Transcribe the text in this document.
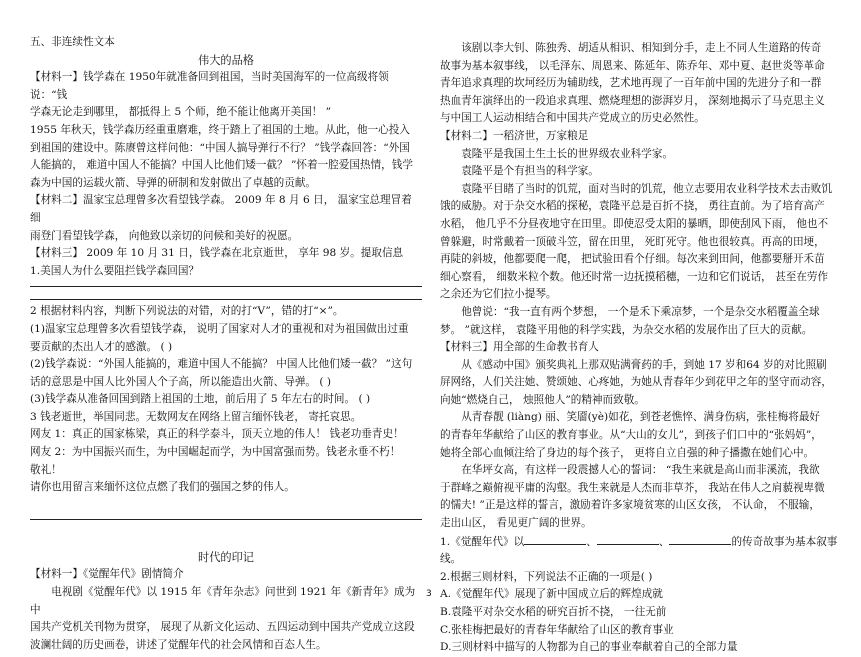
五、非连续性文本

伟大的品格

【材料一】钱学森在 1950年就准备回到祖国，当时美国海军的一位高级将领说：“钱

学森无论走到哪里， 都抵得上 5 个师，绝不能让他离开美国！ ”

1955 年秋天，钱学森历经重重磨难，终于踏上了祖国的土地。从此，他一心投入

到祖国的建设中。陈赓曾这样问他：“中国人搞导弹行不行？ ”钱学森回答：“外国

人能搞的， 难道中国人不能搞？中国人比他们矮一截？ ”怀着一腔爱国热情，钱学

森为中国的运载火箭、导弹的研制和发射做出了卓越的贡献。

【材料二】温家宝总理曾多次看望钱学森。 2009 年 8 月 6 日， 温家宝总理冒着细

雨登门看望钱学森， 向他致以亲切的问候和美好的祝愿。

【材料三】 2009 年 10 月 31 日，钱学森在北京逝世， 享年 98 岁。提取信息

1.美国人为什么要阻拦钱学森回国？

2 根据材料内容，判断下列说法的对错，对的打“V”，错的打“×”。

(1)温家宝总理曾多次看望钱学森， 说明了国家对人才的重视和对为祖国做出过重

要贡献的杰出人才的感激。 ( )

(2)钱学森说：“外国人能搞的，难道中国人不能搞？ 中国人比他们矮一截？ ”这句

话的意思是中国人比外国人个子高，所以能造出火箭、导弹。 ( )

(3)钱学森从准备回国到踏上祖国的土地，前后用了 5 年左右的时间。 ( )

3 钱老逝世，举国同悲。无数网友在网络上留言缅怀钱老， 寄托哀思。

网友 1：真正的国家栋梁，真正的科学泰斗，顶天立地的伟人！ 钱老功垂青史！

网友 2：为中国振兴而生，为中国崛起而学，为中国富强而势。钱老永垂不朽！

敬礼！

请你也用留言来缅怀这位点燃了我们的强国之梦的伟人。

时代的印记

【材料一】《觉醒年代》剧情简介

电视剧《觉醒年代》以 1915 年《青年杂志》问世到 1921 年《新青年》成为中

国共产党机关刊物为贯穿， 展现了从新文化运动、五四运动到中国共产党成立这段

波澜壮阔的历史画卷，讲述了觉醒年代的社会风情和百态人生。

该剧以李大钊、陈独秀、胡适从相识、相知到分手，走上不同人生道路的传奇

故事为基本叙事线， 以毛泽东、周恩来、陈延年、陈乔年、邓中夏、赵世炎等革命

青年追求真理的坎坷经历为辅助线，艺术地再现了一百年前中国的先进分子和一群

热血青年演绎出的一段追求真理、燃烧理想的澎湃岁月， 深刻地揭示了马克思主义

与中国工人运动相结合和中国共产党成立的历史必然性。

【材料二】一稻济世，万家粮足

袁隆平是我国土生土长的世界级农业科学家。

袁隆平是个有担当的科学家。

袁隆平目睹了当时的饥荒，面对当时的饥荒，他立志要用农业科学技术去击败饥

饿的威胁。对于杂交水稻的探秘，袁隆平总是百折不挠， 勇往直前。为了培育高产

水稻， 他几乎不分昼夜地守在田里。即使忍受太阳的暴晒，即使刮风下雨， 他也不

曾躲避，时常戴着一顶破斗笠，留在田里， 死盯死守。他也很较真。再高的田埂，

再陡的斜坡，他都要爬一爬， 把试验田看个仔细。每次来到田间，他都要掰开禾苗

细心察看， 细数米粒个数。他还时常一边抚摸稻穗，一边和它们说话， 甚至在劳作

之余还为它们拉小提琴。

他曾说：“我一直有两个梦想， 一个是禾下乘凉梦，一个是杂交水稻覆盖全球

梦。 ”就这样， 袁隆平用他的科学实践，为杂交水稻的发展作出了巨大的贡献。

【材料三】用全部的生命教书育人

从《感动中国》颁奖典礼上那双贴满膏药的手，到她 17 岁和64 岁的对比照刷

屏网络，人们关注她、赞颂她、心疼她，为她从青春年少到花甲之年的坚守而动容，

向她“燃烧自己， 烛照他人”的精神而致敬。

从青春靓 (liàng) 丽、笑靥(yè)如花，到苍老憔悴、满身伤病，张桂梅将最好

的青春年华献给了山区的教育事业。从“大山的女儿”，到孩子们口中的“张妈妈”，

她将全部心血倾注给了身边的每个孩子， 更将自立自强的种子播撒在她们心中。

在华坪女高，有这样一段震撼人心的誓词： “我生来就是高山而非溪流，我欲

于群峰之巅俯视平庸的沟壑。我生来就是人杰而非草芥， 我站在伟人之肩藐视卑微

的懦夫! ”正是这样的誓言，激励着许多家境贫寒的山区女孩， 不认命， 不服输，

走出山区， 看见更广阔的世界。

1.《觉醒年代》以	、	、	的传奇故事为基本叙事线。

2.根据三则材料，下列说法不正确的一项是( )

A.《觉醒年代》展现了新中国成立后的辉煌成就

B.袁隆平对杂交水稻的研究百折不挠， 一往无前

C.张桂梅把最好的青春年华献给了山区的教育事业

D.三则材料中描写的人物都为自己的事业奉献着自己的全部力量

3
